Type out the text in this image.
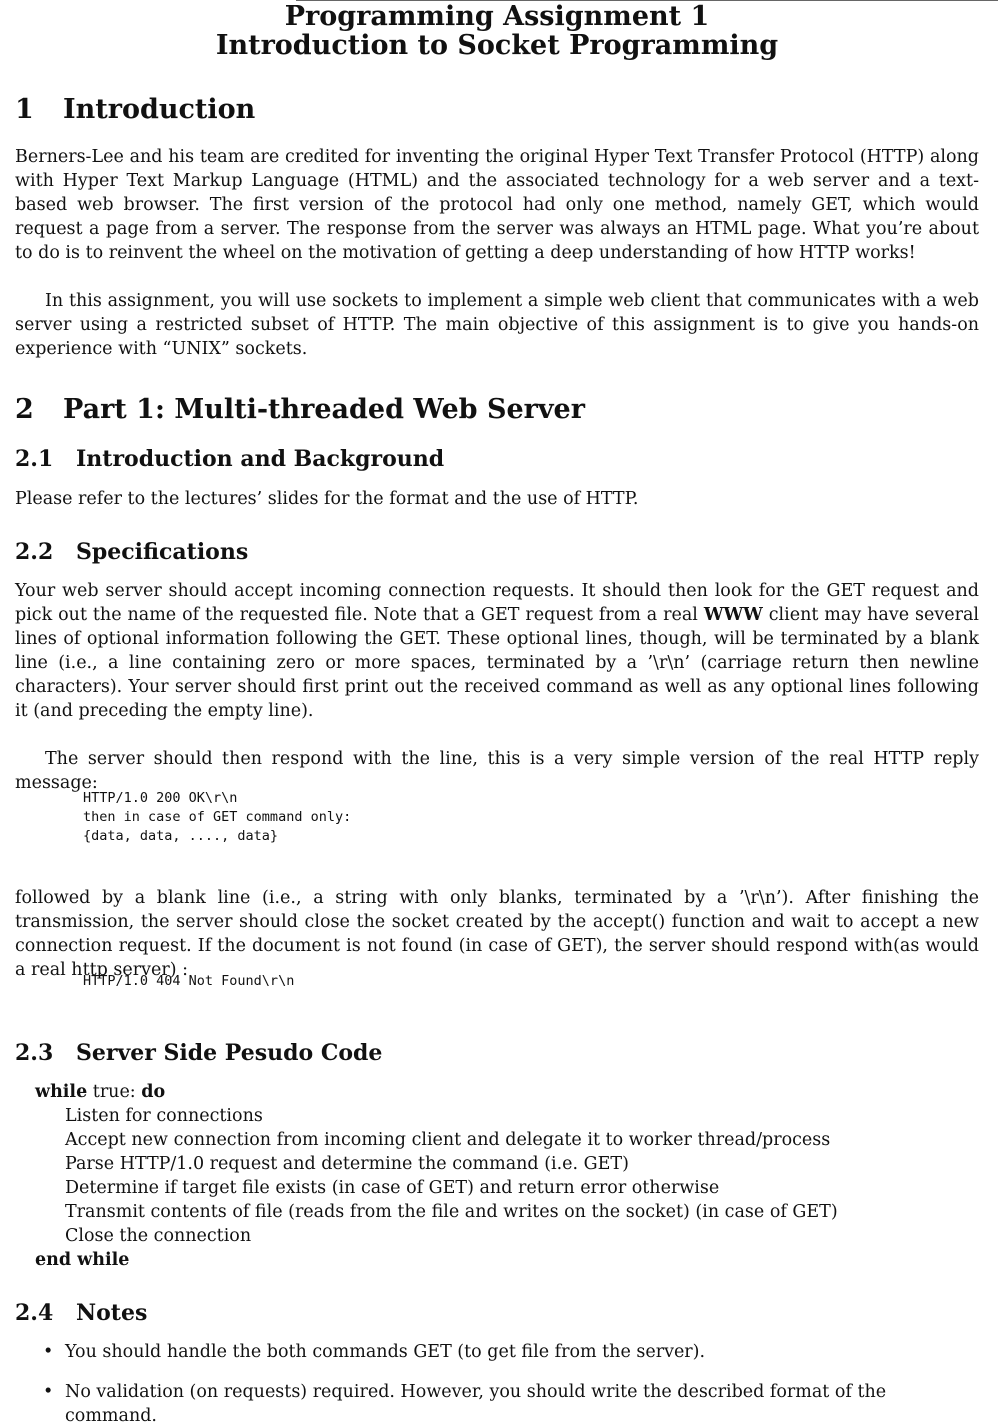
Programming Assignment 1
Introduction to Socket Programming
1 Introduction

Berners-Lee and his team are credited for inventing the original Hyper Text Transfer Protocol (HTTP) along with Hyper Text Markup Language (HTML) and the associated technology for a web server and a text-based web browser. The first version of the protocol had only one method, namely GET, which would request a page from a server. The response from the server was always an HTML page. What you’re about to do is to reinvent the wheel on the motivation of getting a deep understanding of how HTTP works!

In this assignment, you will use sockets to implement a simple web client that communicates with a web server using a restricted subset of HTTP. The main objective of this assignment is to give you hands-on experience with “UNIX” sockets.

2 Part 1: Multi-threaded Web Server
2.1 Introduction and Background

Please refer to the lectures’ slides for the format and the use of HTTP.

2.2 Specifications

Your web server should accept incoming connection requests. It should then look for the GET request and pick out the name of the requested file. Note that a GET request from a real WWW client may have several lines of optional information following the GET. These optional lines, though, will be terminated by a blank line (i.e., a line containing zero or more spaces, terminated by a ’\r\n’ (carriage return then newline characters). Your server should first print out the received command as well as any optional lines following it (and preceding the empty line).

The server should then respond with the line, this is a very simple version of the real HTTP reply message:

HTTP/1.0 200 OK\r\n
then in case of GET command only:
{data, data, ...., data}

followed by a blank line (i.e., a string with only blanks, terminated by a ’\r\n’). After finishing the transmission, the server should close the socket created by the accept() function and wait to accept a new connection request. If the document is not found (in case of GET), the server should respond with(as would a real http server) :

HTTP/1.0 404 Not Found\r\n
2.3 Server Side Pesudo Code
while true: do
Listen for connections
Accept new connection from incoming client and delegate it to worker thread/process
Parse HTTP/1.0 request and determine the command (i.e. GET)
Determine if target file exists (in case of GET) and return error otherwise
Transmit contents of file (reads from the file and writes on the socket) (in case of GET)
Close the connection
end while
2.4 Notes
• You should handle the both commands GET (to get file from the server).
• No validation (on requests) required. However, you should write the described format of the command.
